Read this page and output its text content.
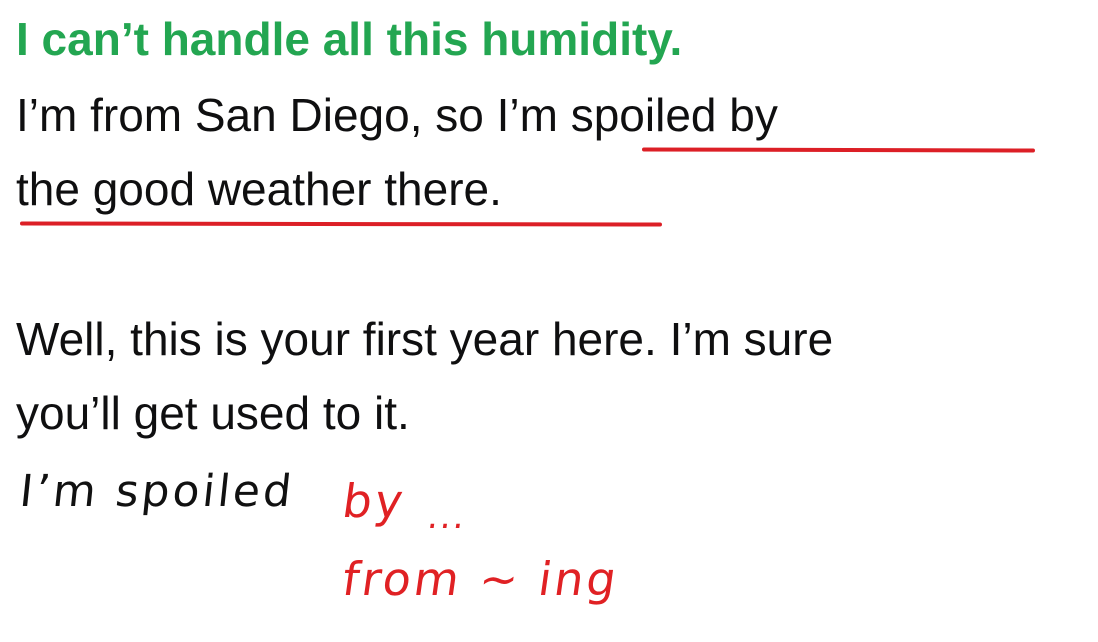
I can’t handle all this humidity.
I’m from San Diego, so I’m spoiled by
the good weather there.
Well, this is your first year here. I’m sure
you’ll get used to it.
I’m spoiled by ...
from ~ ing
